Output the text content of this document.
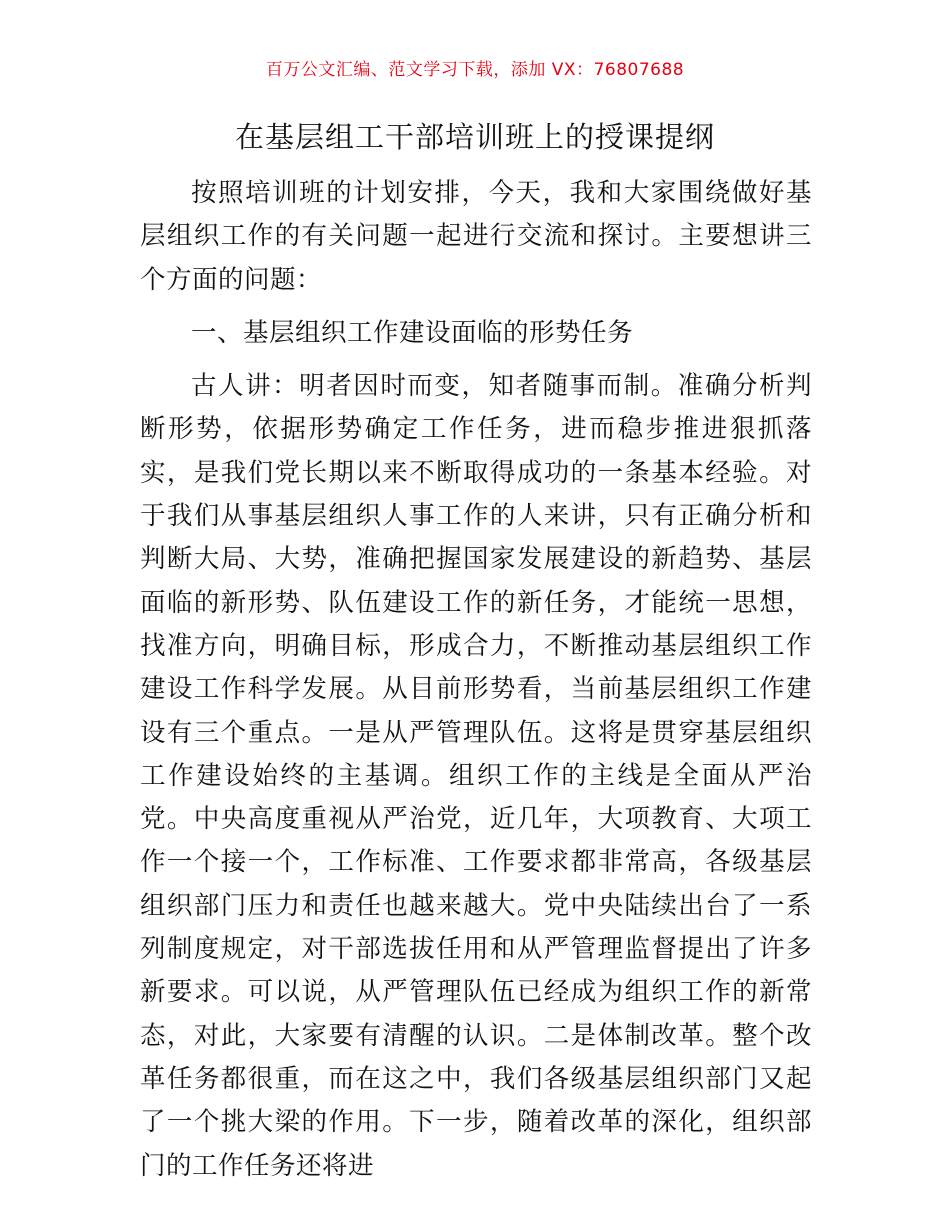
百万公文汇编、范文学习下载，添加 VX：76807688
在基层组工干部培训班上的授课提纲

按照培训班的计划安排，今天，我和大家围绕做好基层组织工作的有关问题一起进行交流和探讨。主要想讲三个方面的问题：

一、基层组织工作建设面临的形势任务

古人讲：明者因时而变，知者随事而制。准确分析判断形势，依据形势确定工作任务，进而稳步推进狠抓落实，是我们党长期以来不断取得成功的一条基本经验。对于我们从事基层组织人事工作的人来讲，只有正确分析和判断大局、大势，准确把握国家发展建设的新趋势、基层面临的新形势、队伍建设工作的新任务，才能统一思想，找准方向，明确目标，形成合力，不断推动基层组织工作建设工作科学发展。从目前形势看，当前基层组织工作建设有三个重点。一是从严管理队伍。这将是贯穿基层组织工作建设始终的主基调。组织工作的主线是全面从严治党。中央高度重视从严治党，近几年，大项教育、大项工作一个接一个，工作标准、工作要求都非常高，各级基层组织部门压力和责任也越来越大。党中央陆续出台了一系列制度规定，对干部选拔任用和从严管理监督提出了许多新要求。可以说，从严管理队伍已经成为组织工作的新常态，对此，大家要有清醒的认识。二是体制改革。整个改革任务都很重，而在这之中，我们各级基层组织部门又起了一个挑大梁的作用。下一步，随着改革的深化，组织部门的工作任务还将进
